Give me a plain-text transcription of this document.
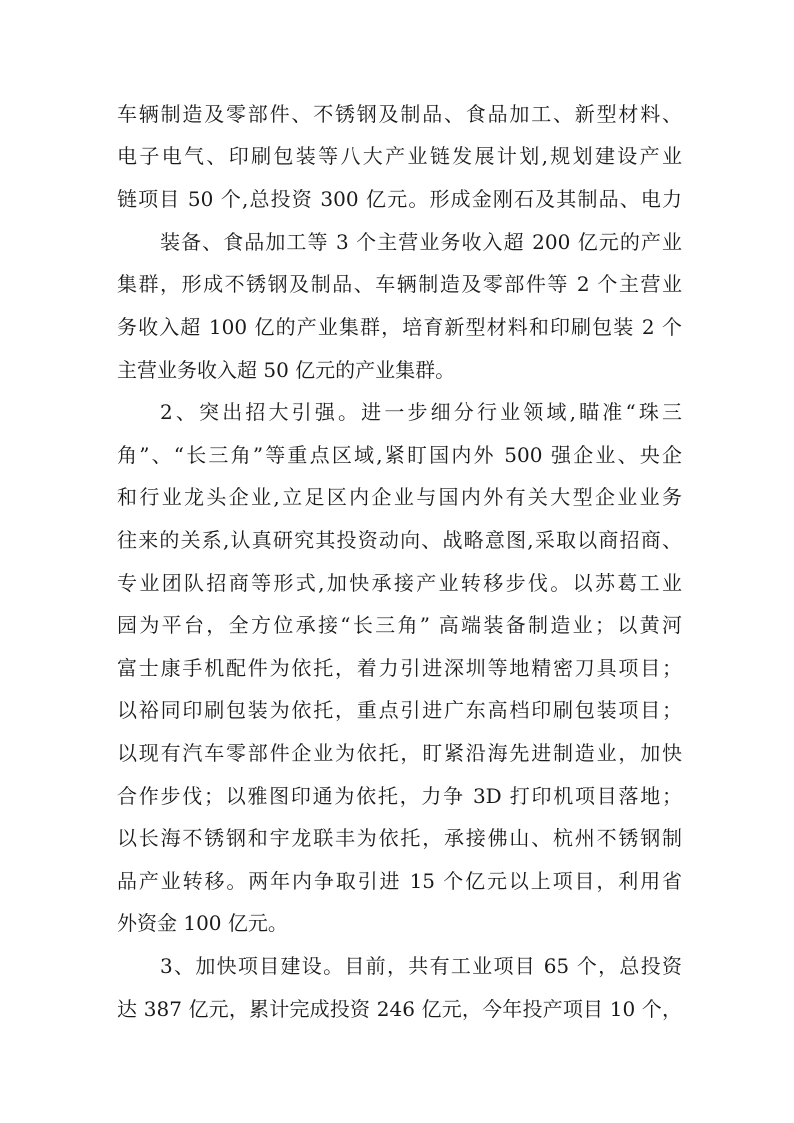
车辆制造及零部件、不锈钢及制品、食品加工、新型材料、
电子电气、印刷包装等八大产业链发展计划,规划建设产业
链项目 50 个,总投资 300 亿元。形成金刚石及其制品、电力
装备、食品加工等 3 个主营业务收入超 200 亿元的产业
集群，形成不锈钢及制品、车辆制造及零部件等 2 个主营业
务收入超 100 亿的产业集群，培育新型材料和印刷包装 2 个
主营业务收入超 50 亿元的产业集群。
2、突出招大引强。进一步细分行业领域,瞄准“珠三
角”、“长三角”等重点区域,紧盯国内外 500 强企业、央企
和行业龙头企业,立足区内企业与国内外有关大型企业业务
往来的关系,认真研究其投资动向、战略意图,采取以商招商、
专业团队招商等形式,加快承接产业转移步伐。以苏葛工业
园为平台，全方位承接“长三角” 高端装备制造业；以黄河
富士康手机配件为依托，着力引进深圳等地精密刀具项目；
以裕同印刷包装为依托，重点引进广东高档印刷包装项目；
以现有汽车零部件企业为依托，盯紧沿海先进制造业，加快
合作步伐；以雅图印通为依托，力争 3D 打印机项目落地；
以长海不锈钢和宇龙联丰为依托，承接佛山、杭州不锈钢制
品产业转移。两年内争取引进 15 个亿元以上项目，利用省
外资金 100 亿元。
3、加快项目建设。目前，共有工业项目 65 个，总投资
达 387 亿元，累计完成投资 246 亿元，今年投产项目 10 个，
